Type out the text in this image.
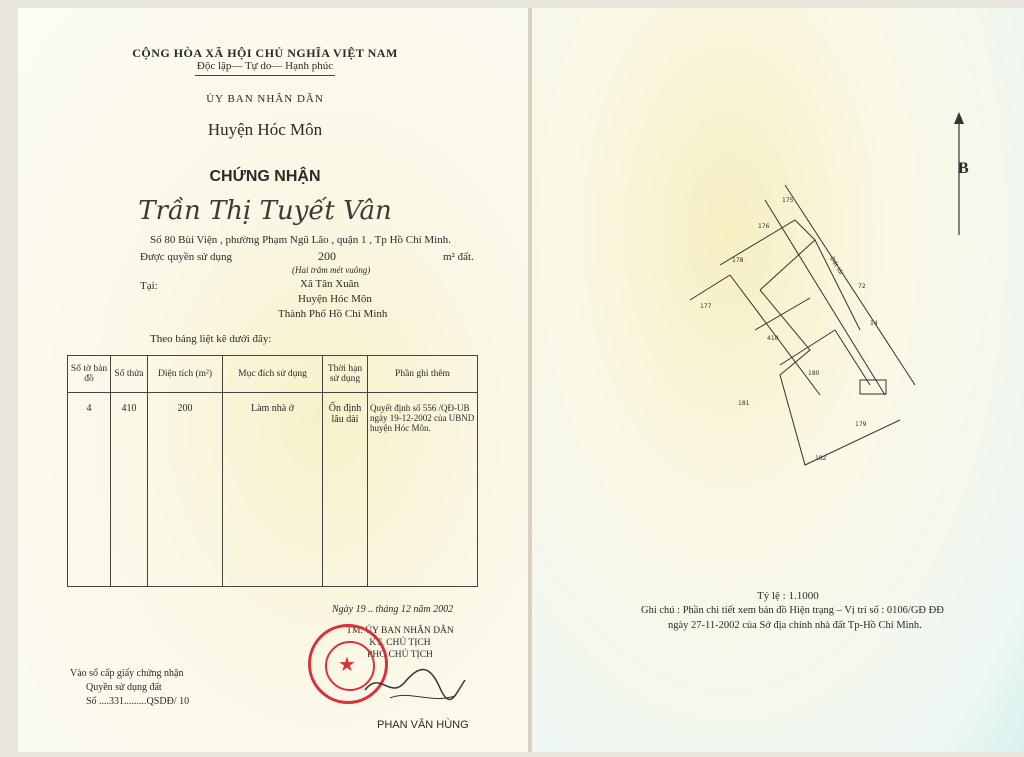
CỘNG HÒA XÃ HỘI CHỦ NGHĨA VIỆT NAM
Độc lập— Tự do— Hạnh phúc
ỦY BAN NHÂN DÂN
Huyện Hóc Môn
CHỨNG NHẬN
Trần Thị Tuyết Vân
Số 80 Bùi Viện , phường Phạm Ngũ Lão , quận 1 , Tp Hồ Chí Minh.
Được quyền sử dụng	200	m² đất.
(Hai trăm mét vuông)
Tại:	Xã Tân Xuân
Huyện Hóc Môn
Thành Phố Hồ Chí Minh
Theo bảng liệt kê dưới đây:
Số tờ bản đồ	Số thửa	Diện tích (m²)	Mục đích sử dụng	Thời hạn sử dụng	Phần ghi thêm
4	410	200	Làm nhà ở	Ổn định lâu dài	Quyết định số 556 /QĐ-UB ngày 19-12-2002 của UBND huyện Hóc Môn.
Ngày 19 .. tháng 12 năm 2002
TM. ỦY BAN NHÂN DÂN
KT. CHỦ TỊCH
PHÓ CHỦ TỊCH
★
PHAN VĂN HÙNG
Vào sổ cấp giấy chứng nhận
Quyền sử dụng đất
Số ....331.........QSDĐ/ 10
B
175
176
178
177
180
181
182
179
410
72
14
Đất lối
Tỷ lệ : 1.1000
Ghi chú : Phần chi tiết xem bản đồ Hiện trạng – Vị trí số : 0106/GĐ ĐĐ
ngày 27-11-2002 của Sở địa chính nhà đất Tp-Hồ Chí Minh.
